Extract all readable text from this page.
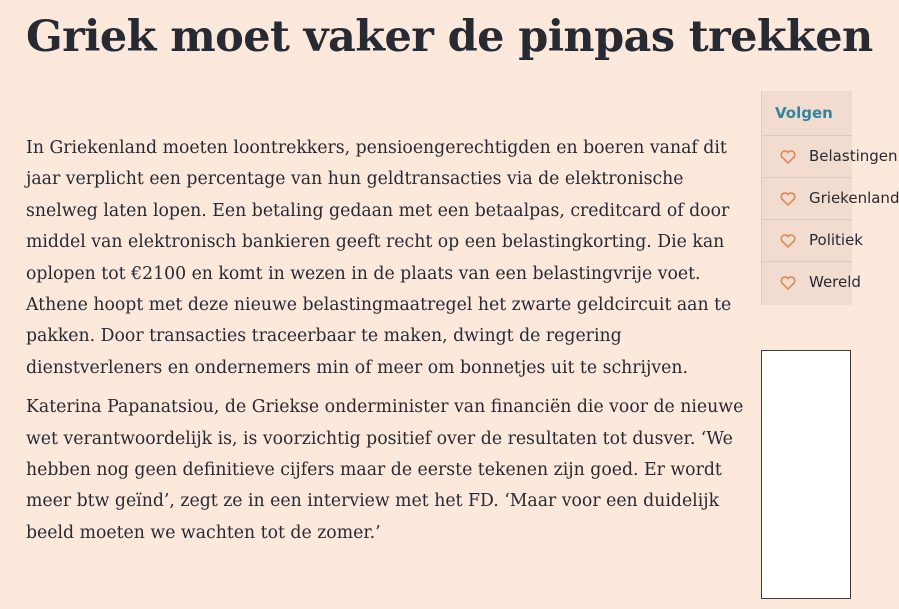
Griek moet vaker de pinpas trekken

In Griekenland moeten loontrekkers, pensioengerechtigden en boeren vanaf dit jaar verplicht een percentage van hun geldtransacties via de elektronische snelweg laten lopen. Een betaling gedaan met een betaalpas, creditcard of door middel van elektronisch bankieren geeft recht op een belastingkorting. Die kan oplopen tot €2100 en komt in wezen in de plaats van een belastingvrije voet. Athene hoopt met deze nieuwe belastingmaatregel het zwarte geldcircuit aan te pakken. Door transacties traceerbaar te maken, dwingt de regering dienstverleners en ondernemers min of meer om bonnetjes uit te schrijven.

Katerina Papanatsiou, de Griekse onderminister van financiën die voor de nieuwe wet verantwoordelijk is, is voorzichtig positief over de resultaten tot dusver. ‘We hebben nog geen definitieve cijfers maar de eerste tekenen zijn goed. Er wordt meer btw geïnd’, zegt ze in een interview met het FD. ‘Maar voor een duidelijk beeld moeten we wachten tot de zomer.’

Volgen
Belastingen
Griekenland
Politiek
Wereld
